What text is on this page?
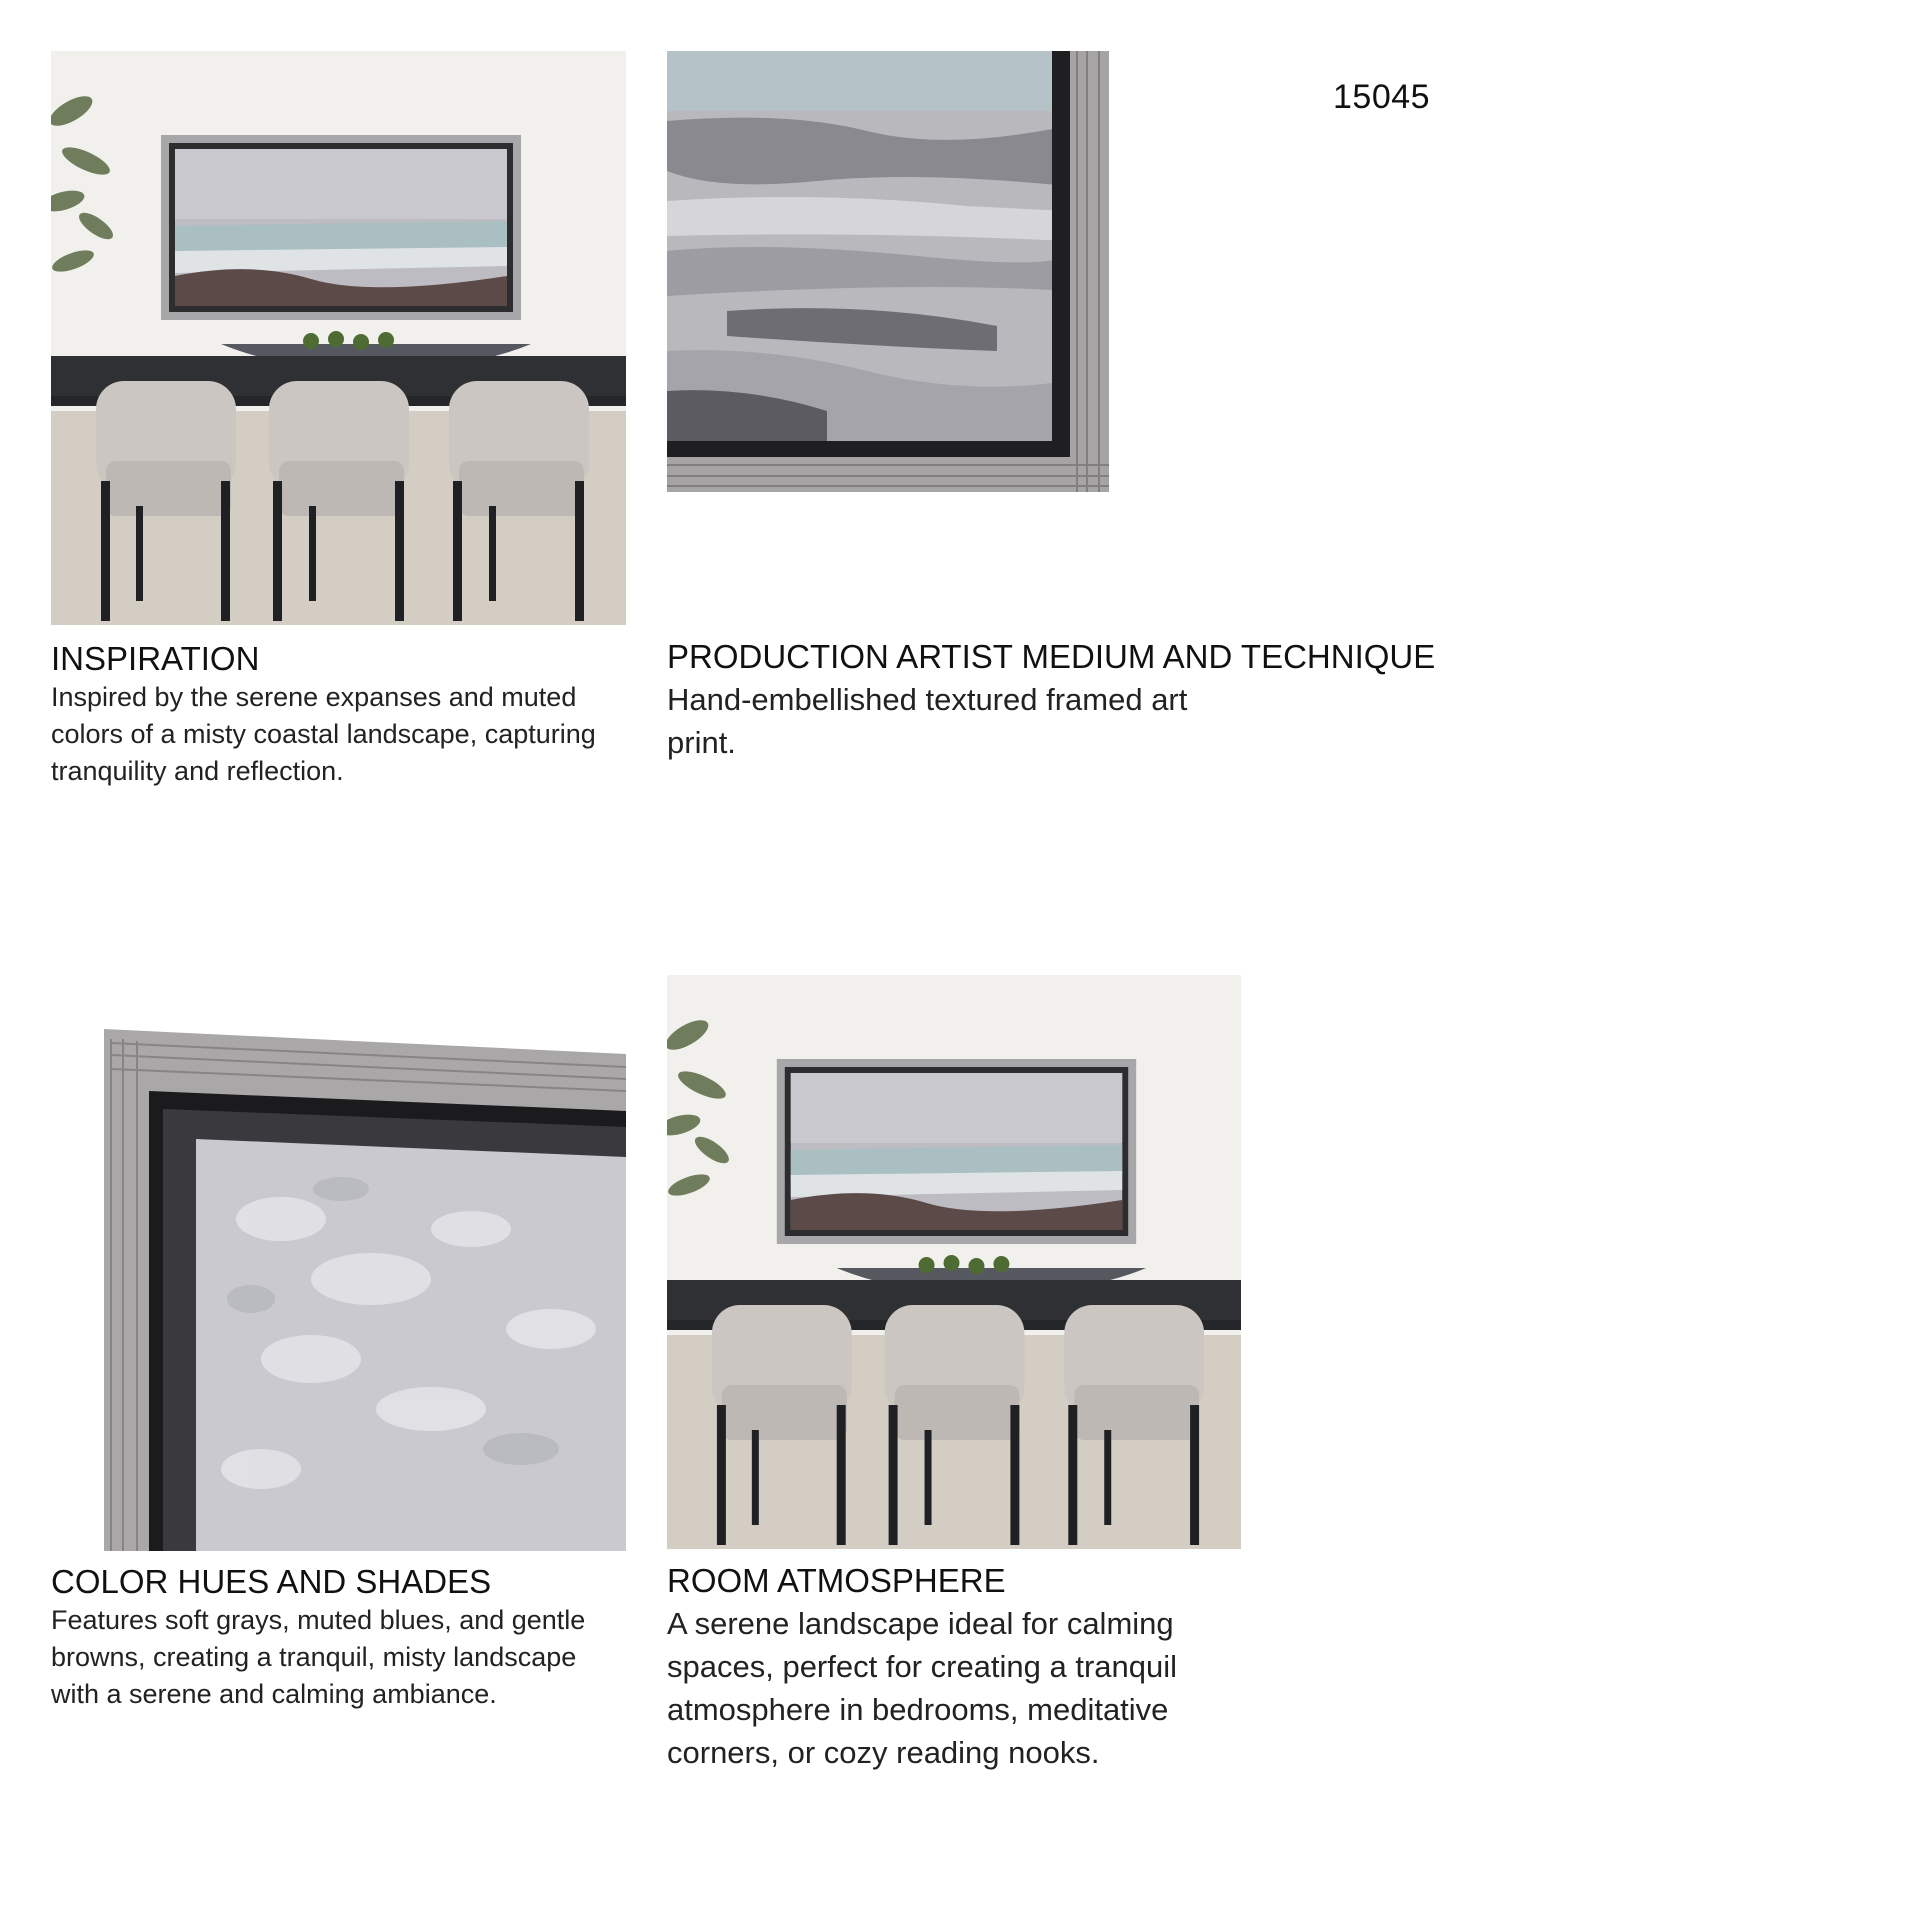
15045
INSPIRATION
Inspired by the serene expanses and muted colors of a misty coastal landscape, capturing tranquility and reflection.
PRODUCTION ARTIST MEDIUM AND TECHNIQUE
Hand-embellished textured framed art print.
COLOR HUES AND SHADES
Features soft grays, muted blues, and gentle browns, creating a tranquil, misty landscape with a serene and calming ambiance.
ROOM ATMOSPHERE
A serene landscape ideal for calming spaces, perfect for creating a tranquil atmosphere in bedrooms, meditative corners, or cozy reading nooks.
